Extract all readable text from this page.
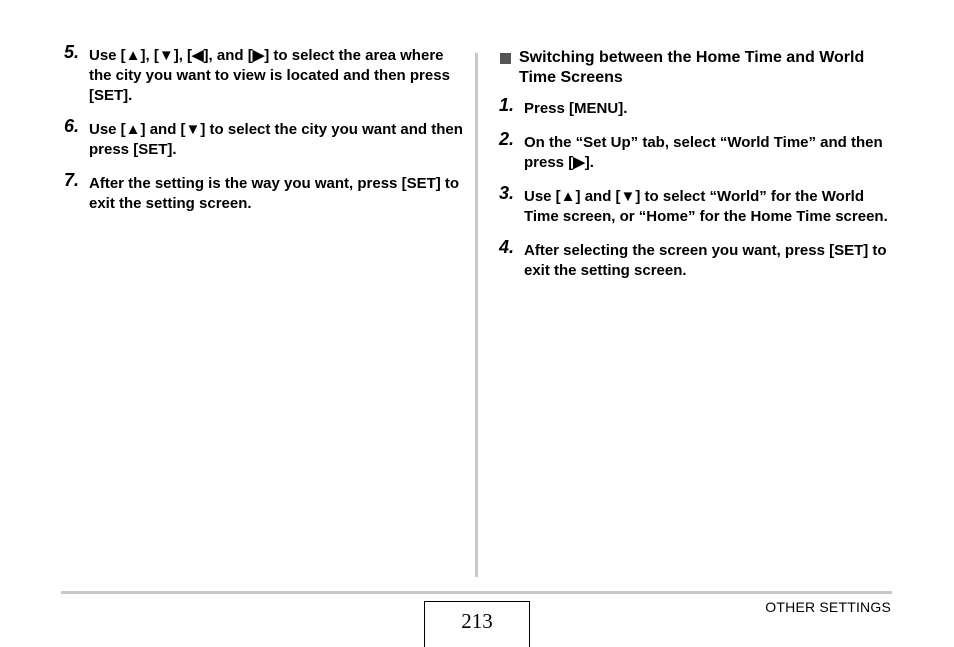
5. Use [▲], [▼], [◀], and [▶] to select the area where the city you want to view is located and then press [SET].
6. Use [▲] and [▼] to select the city you want and then press [SET].
7. After the setting is the way you want, press [SET] to exit the setting screen.
Switching between the Home Time and World Time Screens
1. Press [MENU].
2. On the “Set Up” tab, select “World Time” and then press [▶].
3. Use [▲] and [▼] to select “World” for the World Time screen, or “Home” for the Home Time screen.
4. After selecting the screen you want, press [SET] to exit the setting screen.
213
OTHER SETTINGS
